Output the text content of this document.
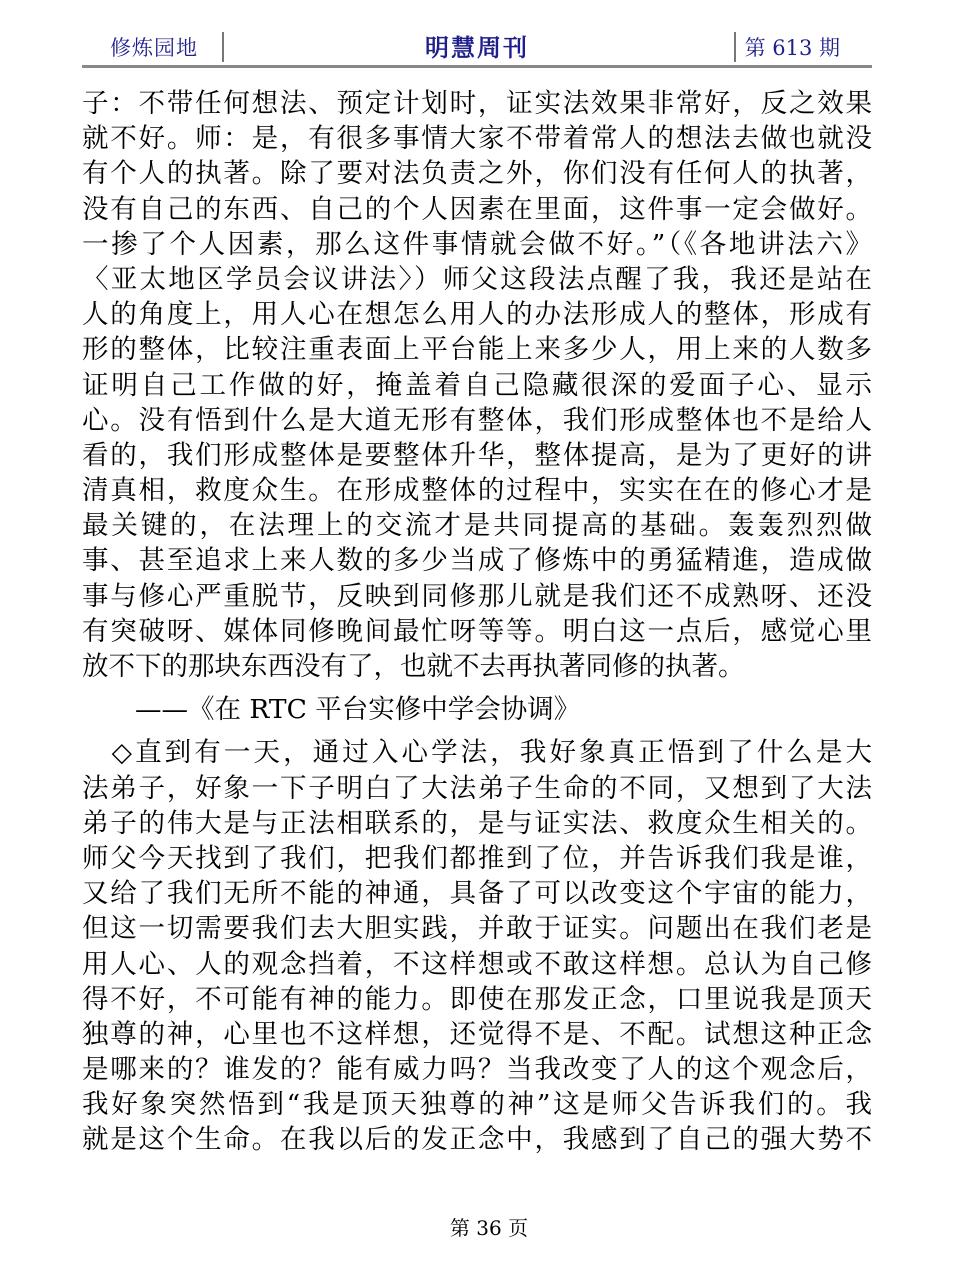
修炼园地	明慧周刊	第 613 期
子：不带任何想法、预定计划时，证实法效果非常好，反之效果
就不好。师：是，有很多事情大家不带着常人的想法去做也就没
有个人的执著。除了要对法负责之外，你们没有任何人的执著，
没有自己的东西、自己的个人因素在里面，这件事一定会做好。
一掺了个人因素，那么这件事情就会做不好。”（《各地讲法六》
〈亚太地区学员会议讲法〉）师父这段法点醒了我，我还是站在
人的角度上，用人心在想怎么用人的办法形成人的整体，形成有
形的整体，比较注重表面上平台能上来多少人，用上来的人数多
证明自己工作做的好，掩盖着自己隐藏很深的爱面子心、显示
心。没有悟到什么是大道无形有整体，我们形成整体也不是给人
看的，我们形成整体是要整体升华，整体提高，是为了更好的讲
清真相，救度众生。在形成整体的过程中，实实在在的修心才是
最关键的，在法理上的交流才是共同提高的基础。轰轰烈烈做
事、甚至追求上来人数的多少当成了修炼中的勇猛精進，造成做
事与修心严重脱节，反映到同修那儿就是我们还不成熟呀、还没
有突破呀、媒体同修晚间最忙呀等等。明白这一点后，感觉心里
放不下的那块东西没有了，也就不去再执著同修的执著。
　　——《在 RTC 平台实修中学会协调》
　◇直到有一天，通过入心学法，我好象真正悟到了什么是大
法弟子，好象一下子明白了大法弟子生命的不同，又想到了大法
弟子的伟大是与正法相联系的，是与证实法、救度众生相关的。
师父今天找到了我们，把我们都推到了位，并告诉我们我是谁，
又给了我们无所不能的神通，具备了可以改变这个宇宙的能力，
但这一切需要我们去大胆实践，并敢于证实。问题出在我们老是
用人心、人的观念挡着，不这样想或不敢这样想。总认为自己修
得不好，不可能有神的能力。即使在那发正念，口里说我是顶天
独尊的神，心里也不这样想，还觉得不是、不配。试想这种正念
是哪来的？谁发的？能有威力吗？当我改变了人的这个观念后，
我好象突然悟到“我是顶天独尊的神”这是师父告诉我们的。我
就是这个生命。在我以后的发正念中，我感到了自己的强大势不
第 36 页
